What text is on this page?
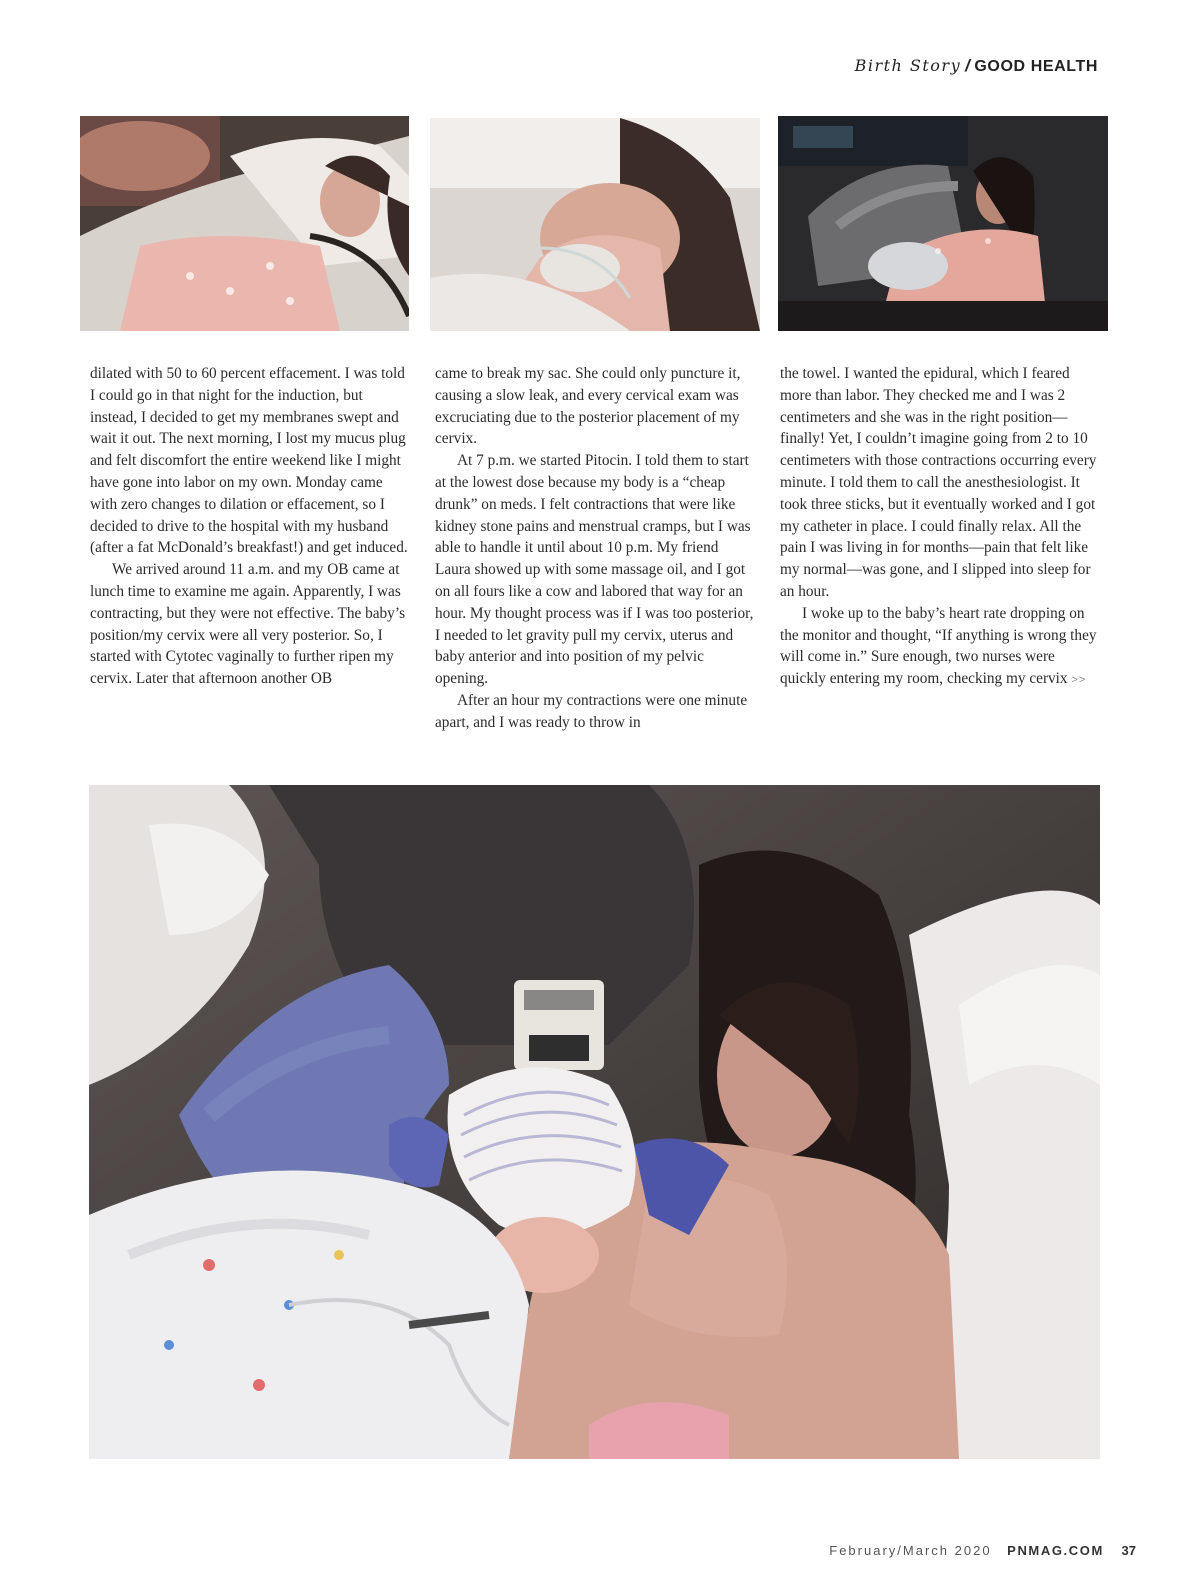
Birth Story / GOOD HEALTH

dilated with 50 to 60 percent effacement. I was told I could go in that night for the induction, but instead, I decided to get my membranes swept and wait it out. The next morning, I lost my mucus plug and felt discomfort the entire weekend like I might have gone into labor on my own. Monday came with zero changes to dilation or effacement, so I decided to drive to the hospital with my husband (after a fat McDonald’s breakfast!) and get induced.

We arrived around 11 a.m. and my OB came at lunch time to examine me again. Apparently, I was contracting, but they were not effective. The baby’s position/my cervix were all very posterior. So, I started with Cytotec vaginally to further ripen my cervix. Later that afternoon another OB

came to break my sac. She could only puncture it, causing a slow leak, and every cervical exam was excruciating due to the posterior placement of my cervix.

At 7 p.m. we started Pitocin. I told them to start at the lowest dose because my body is a “cheap drunk” on meds. I felt contractions that were like kidney stone pains and menstrual cramps, but I was able to handle it until about 10 p.m. My friend Laura showed up with some massage oil, and I got on all fours like a cow and labored that way for an hour. My thought process was if I was too posterior, I needed to let gravity pull my cervix, uterus and baby anterior and into position of my pelvic opening.

After an hour my contractions were one minute apart, and I was ready to throw in

the towel. I wanted the epidural, which I feared more than labor. They checked me and I was 2 centimeters and she was in the right position—finally! Yet, I couldn’t imagine going from 2 to 10 centimeters with those contractions occurring every minute. I told them to call the anesthesiologist. It took three sticks, but it eventually worked and I got my catheter in place. I could finally relax. All the pain I was living in for months—pain that felt like my normal—was gone, and I slipped into sleep for an hour.

I woke up to the baby’s heart rate dropping on the monitor and thought, “If anything is wrong they will come in.” Sure enough, two nurses were quickly entering my room, checking my cervix >>

February/March 2020 PNMAG.COM 37
